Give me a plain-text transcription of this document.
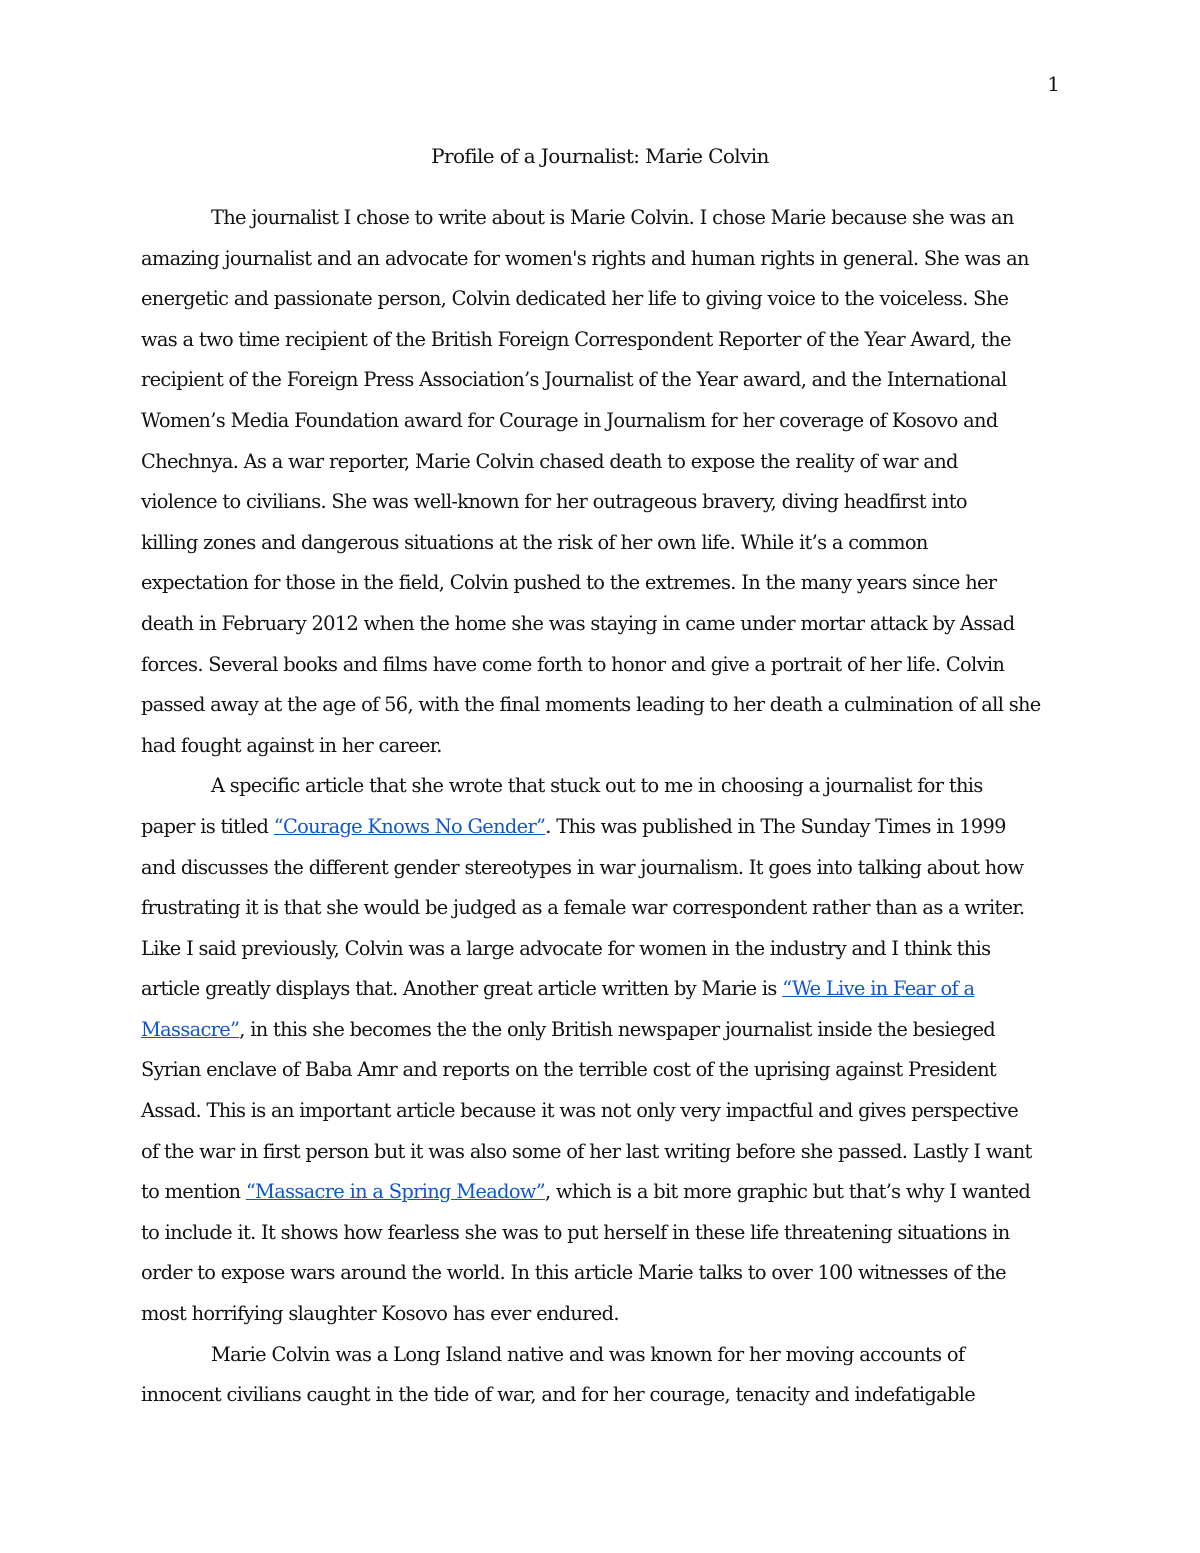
1
Profile of a Journalist: Marie Colvin
The journalist I chose to write about is Marie Colvin. I chose Marie because she was an
amazing journalist and an advocate for women's rights and human rights in general. She was an
energetic and passionate person, Colvin dedicated her life to giving voice to the voiceless. She
was a two time recipient of the British Foreign Correspondent Reporter of the Year Award, the
recipient of the Foreign Press Association’s Journalist of the Year award, and the International
Women’s Media Foundation award for Courage in Journalism for her coverage of Kosovo and
Chechnya. As a war reporter, Marie Colvin chased death to expose the reality of war and
violence to civilians. She was well-known for her outrageous bravery, diving headfirst into
killing zones and dangerous situations at the risk of her own life. While it’s a common
expectation for those in the field, Colvin pushed to the extremes. In the many years since her
death in February 2012 when the home she was staying in came under mortar attack by Assad
forces. Several books and films have come forth to honor and give a portrait of her life. Colvin
passed away at the age of 56, with the final moments leading to her death a culmination of all she
had fought against in her career.
A specific article that she wrote that stuck out to me in choosing a journalist for this
paper is titled “Courage Knows No Gender”. This was published in The Sunday Times in 1999
and discusses the different gender stereotypes in war journalism. It goes into talking about how
frustrating it is that she would be judged as a female war correspondent rather than as a writer.
Like I said previously, Colvin was a large advocate for women in the industry and I think this
article greatly displays that. Another great article written by Marie is “We Live in Fear of a
Massacre”, in this she becomes the the only British newspaper journalist inside the besieged
Syrian enclave of Baba Amr and reports on the terrible cost of the uprising against President
Assad. This is an important article because it was not only very impactful and gives perspective
of the war in first person but it was also some of her last writing before she passed. Lastly I want
to mention “Massacre in a Spring Meadow”, which is a bit more graphic but that’s why I wanted
to include it. It shows how fearless she was to put herself in these life threatening situations in
order to expose wars around the world. In this article Marie talks to over 100 witnesses of the
most horrifying slaughter Kosovo has ever endured.
Marie Colvin was a Long Island native and was known for her moving accounts of
innocent civilians caught in the tide of war, and for her courage, tenacity and indefatigable
